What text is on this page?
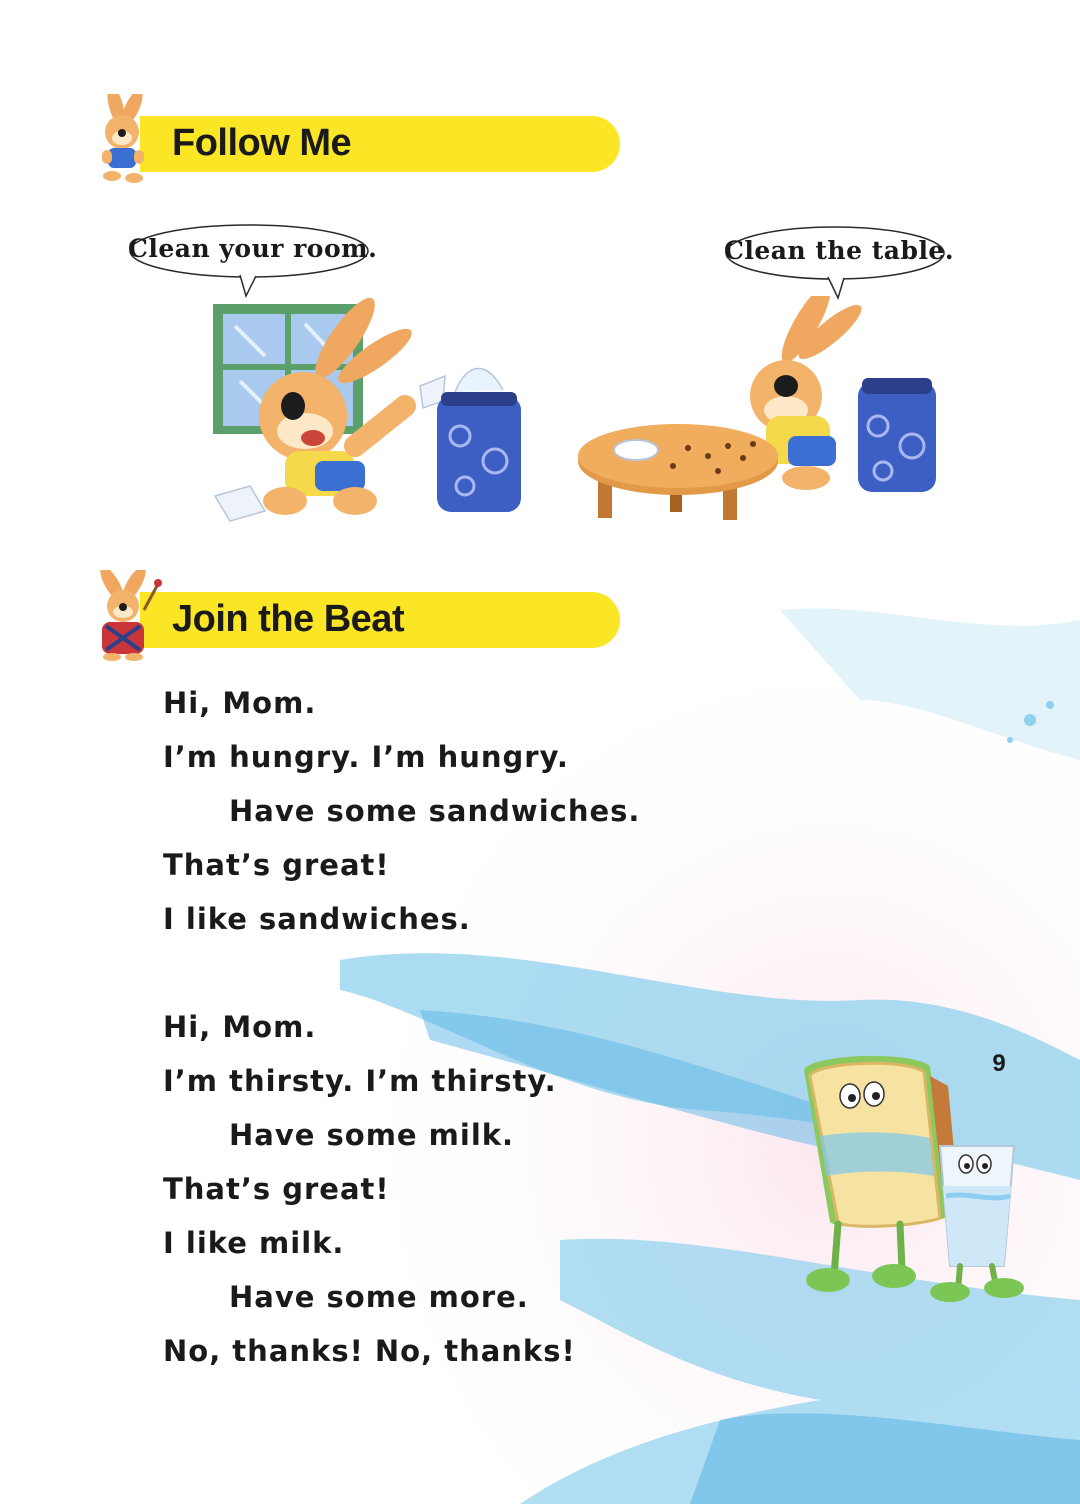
Follow Me
Clean your room.	Clean the table.
Join the Beat
Hi, Mom.
I’m hungry. I’m hungry.
Have some sandwiches.
That’s great!
I like sandwiches.
Hi, Mom.
I’m thirsty. I’m thirsty.
Have some milk.
That’s great!
I like milk.
Have some more.
No, thanks! No, thanks!
9
